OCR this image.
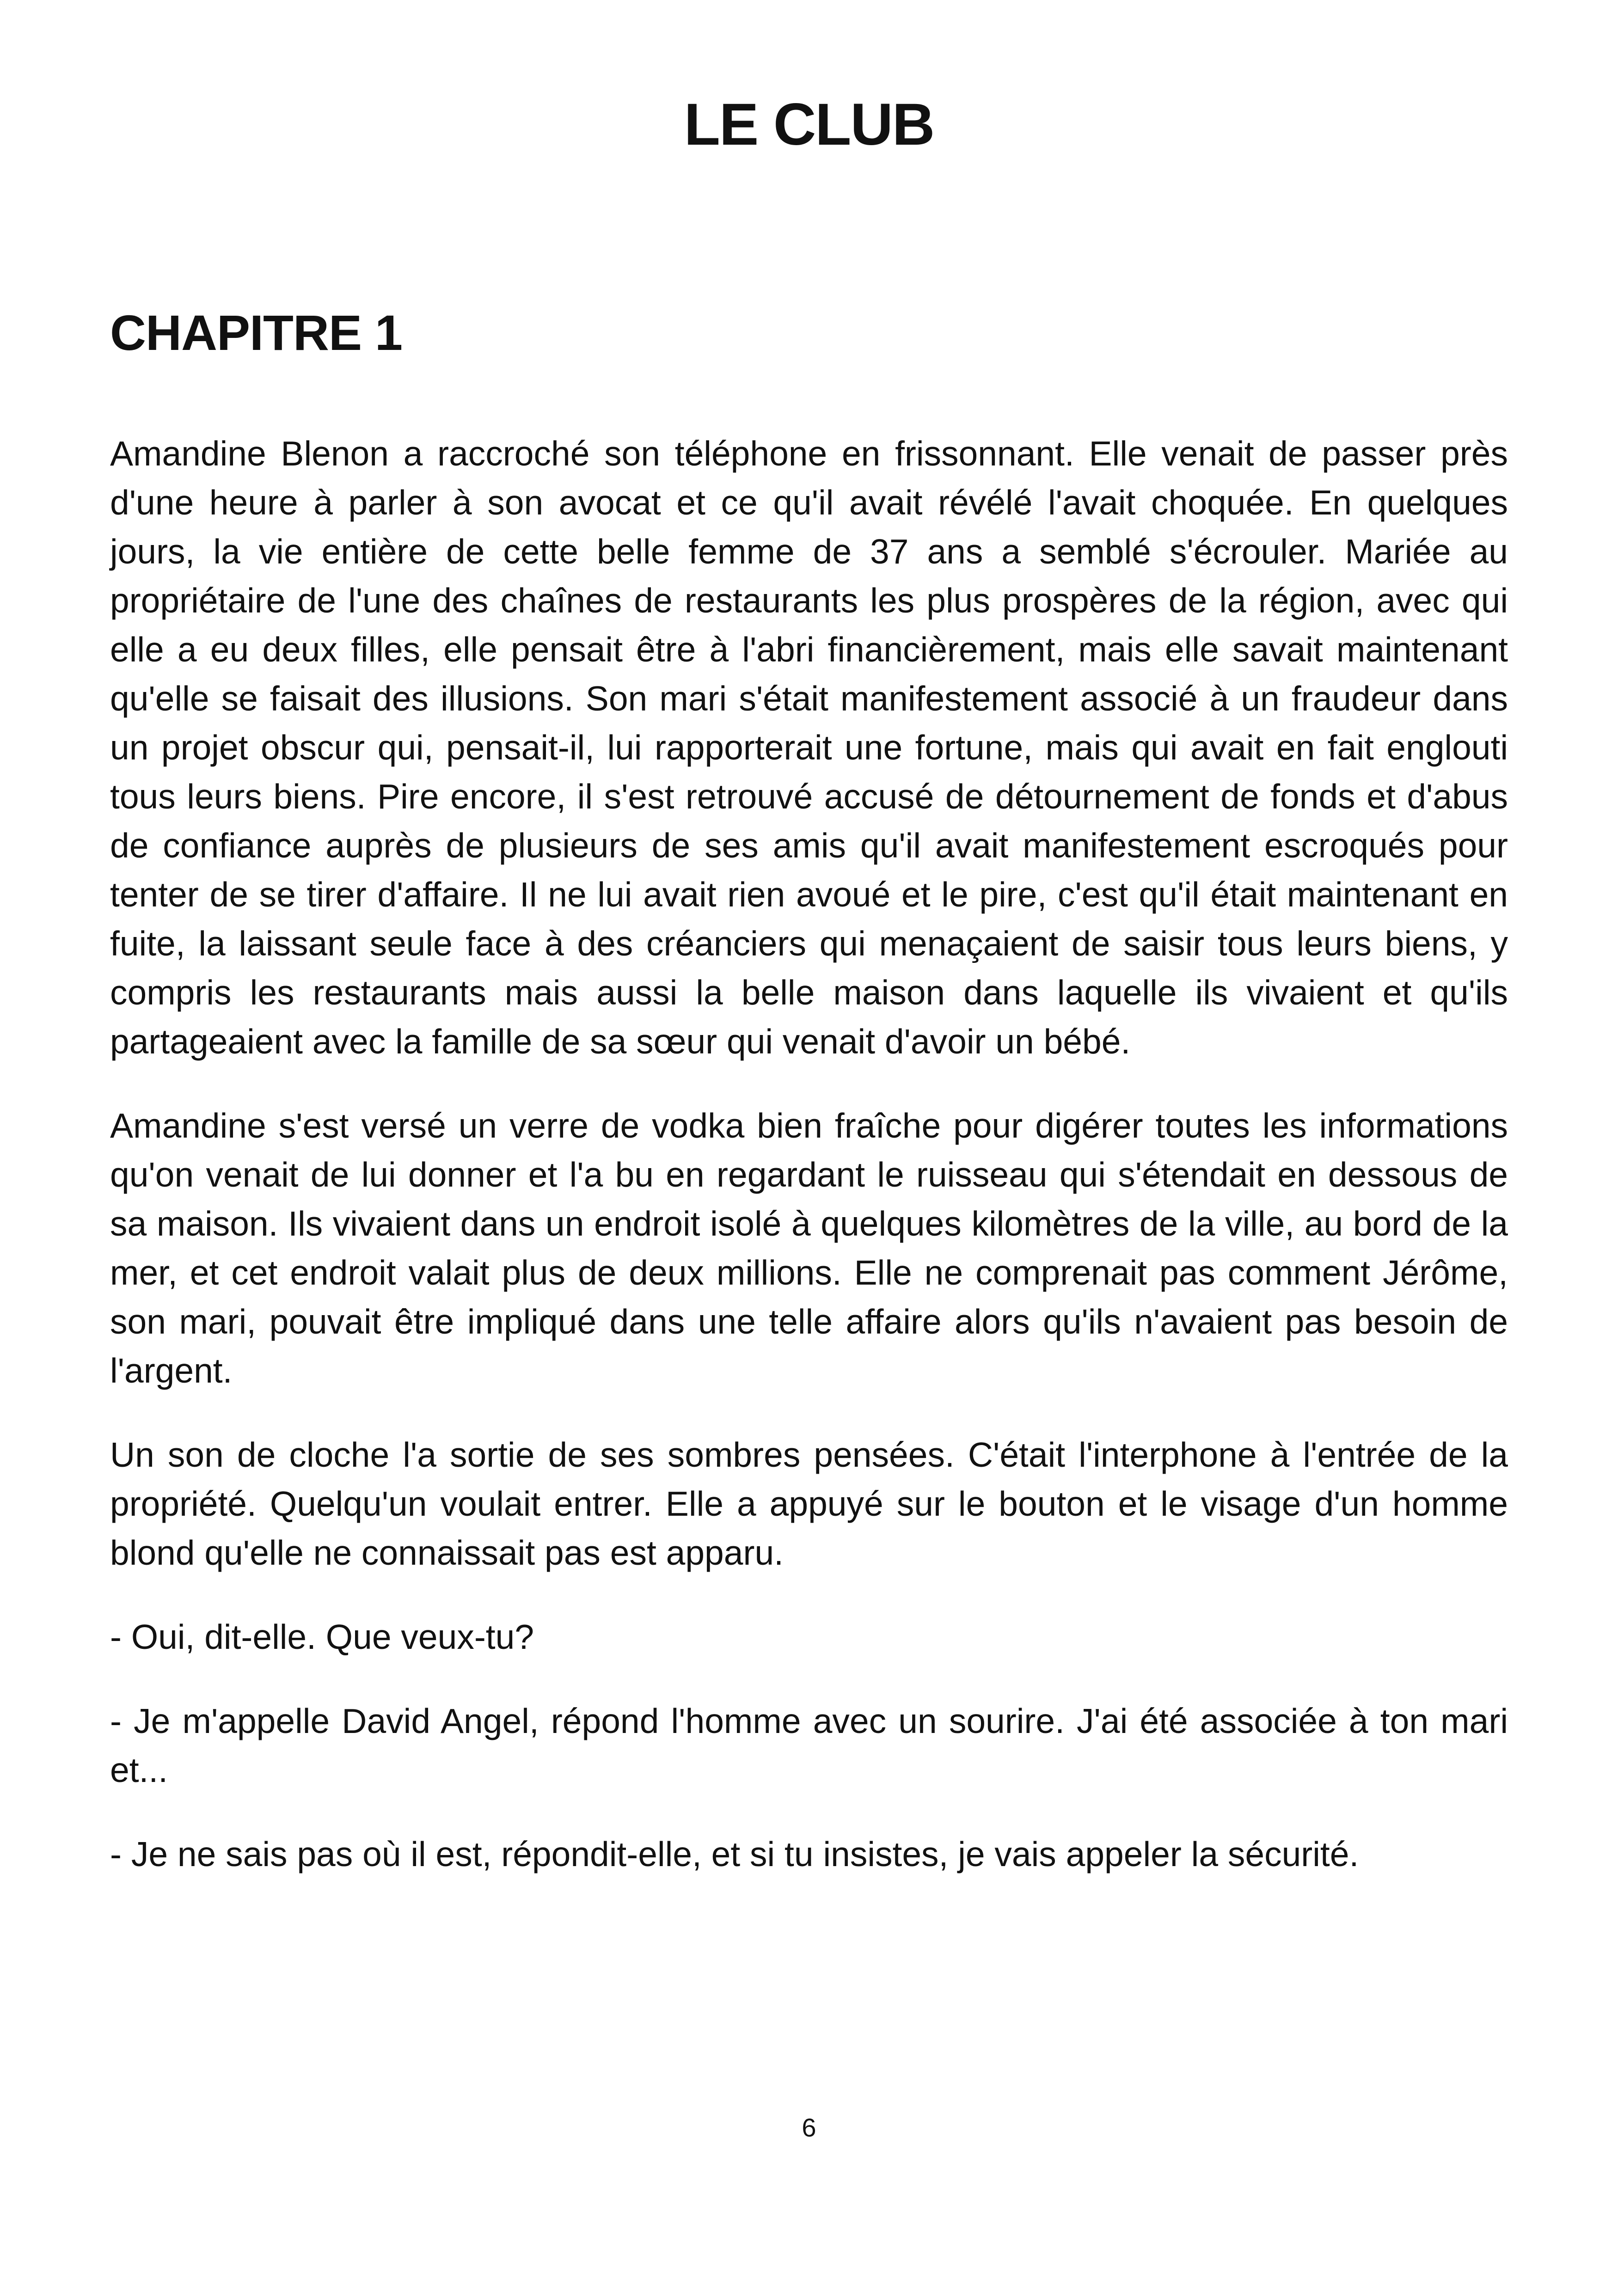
LE CLUB
CHAPITRE 1

Amandine Blenon a raccroché son téléphone en frissonnant. Elle venait de passer près d'une heure à parler à son avocat et ce qu'il avait révélé l'avait choquée. En quelques jours, la vie entière de cette belle femme de 37 ans a semblé s'écrouler. Mariée au propriétaire de l'une des chaînes de restaurants les plus prospères de la région, avec qui elle a eu deux filles, elle pensait être à l'abri financièrement, mais elle savait maintenant qu'elle se faisait des illusions. Son mari s'était manifestement associé à un fraudeur dans un projet obscur qui, pensait-il, lui rapporterait une fortune, mais qui avait en fait englouti tous leurs biens. Pire encore, il s'est retrouvé accusé de détournement de fonds et d'abus de confiance auprès de plusieurs de ses amis qu'il avait manifestement escroqués pour tenter de se tirer d'affaire. Il ne lui avait rien avoué et le pire, c'est qu'il était maintenant en fuite, la laissant seule face à des créanciers qui menaçaient de saisir tous leurs biens, y compris les restaurants mais aussi la belle maison dans laquelle ils vivaient et qu'ils partageaient avec la famille de sa sœur qui venait d'avoir un bébé.

Amandine s'est versé un verre de vodka bien fraîche pour digérer toutes les informations qu'on venait de lui donner et l'a bu en regardant le ruisseau qui s'étendait en dessous de sa maison. Ils vivaient dans un endroit isolé à quelques kilomètres de la ville, au bord de la mer, et cet endroit valait plus de deux millions. Elle ne comprenait pas comment Jérôme, son mari, pouvait être impliqué dans une telle affaire alors qu'ils n'avaient pas besoin de l'argent.

Un son de cloche l'a sortie de ses sombres pensées. C'était l'interphone à l'entrée de la propriété. Quelqu'un voulait entrer. Elle a appuyé sur le bouton et le visage d'un homme blond qu'elle ne connaissait pas est apparu.

- Oui, dit-elle. Que veux-tu?

- Je m'appelle David Angel, répond l'homme avec un sourire. J'ai été associée à ton mari et...

- Je ne sais pas où il est, répondit-elle, et si tu insistes, je vais appeler la sécurité.

6
